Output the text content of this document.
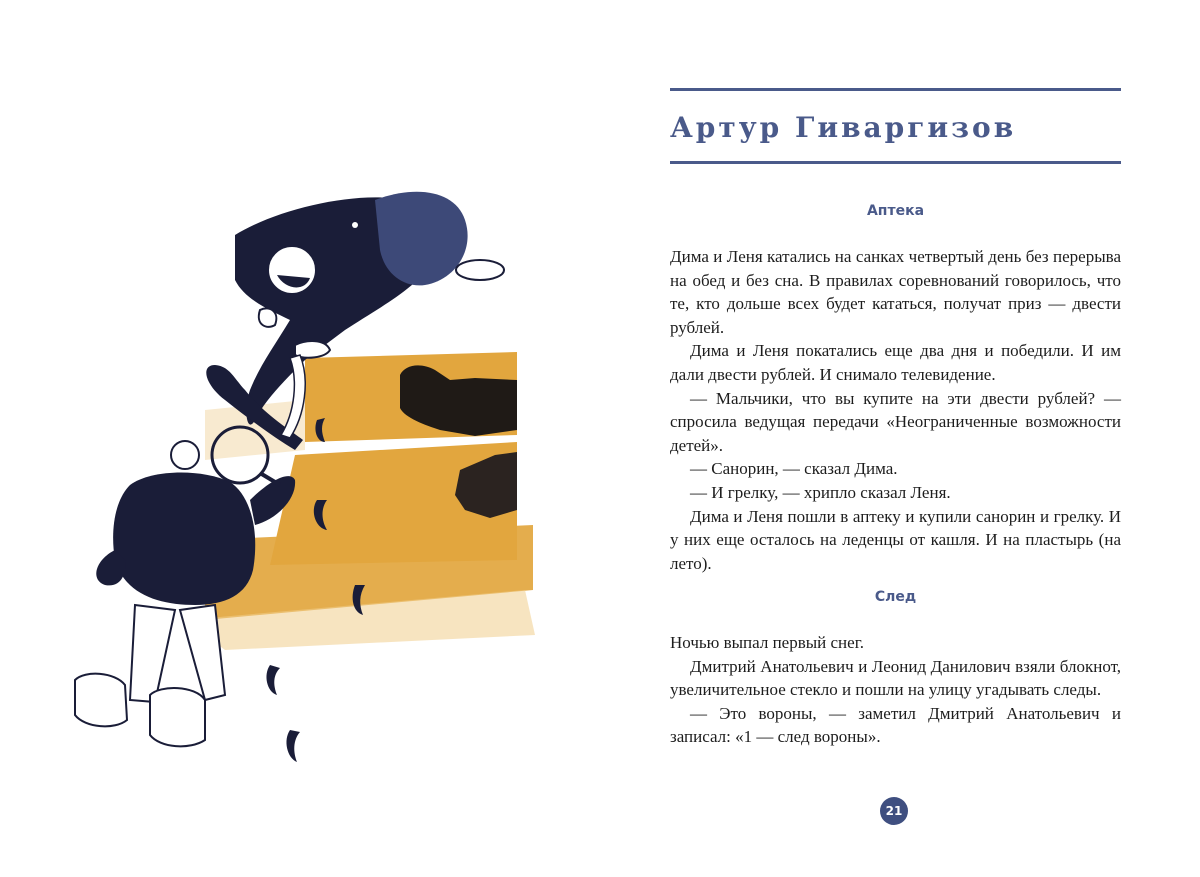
Артур Гиваргизов
Аптека

Дима и Леня катались на санках четвертый день без перерыва на обед и без сна. В правилах соревнований говорилось, что те, кто дольше всех будет кататься, получат приз — двести рублей.

Дима и Леня покатались еще два дня и победили. И им дали двести рублей. И снимало телевидение.

— Мальчики, что вы купите на эти двести рублей? — спросила ведущая передачи «Неограниченные возможности детей».

— Санорин, — сказал Дима.

— И грелку, — хрипло сказал Леня.

Дима и Леня пошли в аптеку и купили санорин и грелку. И у них еще осталось на леденцы от кашля. И на пластырь (на лето).

След

Ночью выпал первый снег.

Дмитрий Анатольевич и Леонид Данилович взяли блокнот, увеличительное стекло и пошли на улицу угадывать следы.

— Это вороны, — заметил Дмитрий Анатольевич и записал: «1 — след вороны».

21
